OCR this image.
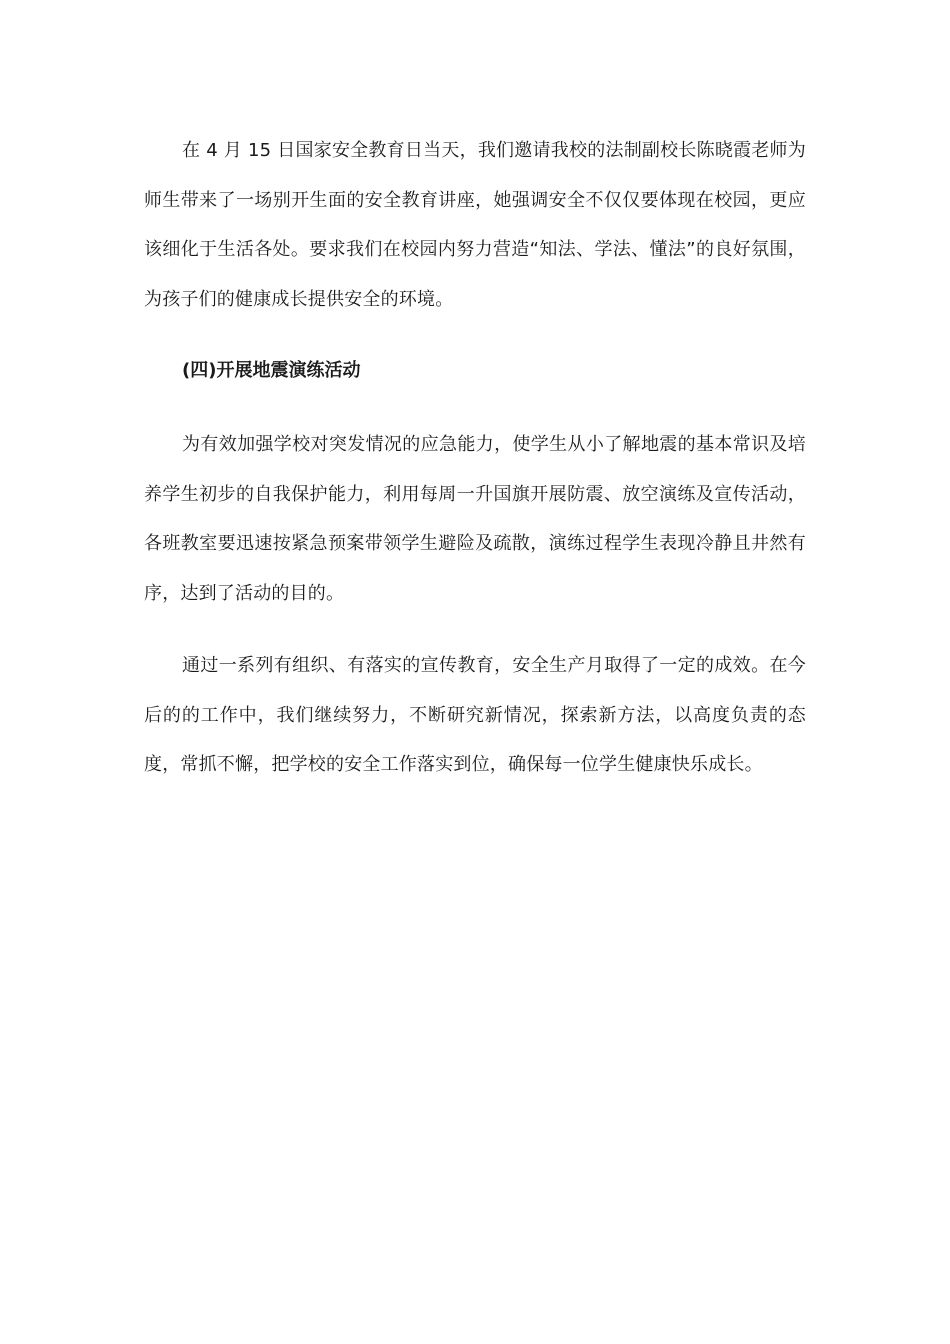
在 4 月 15 日国家安全教育日当天，我们邀请我校的法制副校长陈晓霞老师为师生带来了一场别开生面的安全教育讲座，她强调安全不仅仅要体现在校园，更应该细化于生活各处。要求我们在校园内努力营造“知法、学法、懂法”的良好氛围，为孩子们的健康成长提供安全的环境。

(四)开展地震演练活动

为有效加强学校对突发情况的应急能力，使学生从小了解地震的基本常识及培养学生初步的自我保护能力，利用每周一升国旗开展防震、放空演练及宣传活动，各班教室要迅速按紧急预案带领学生避险及疏散，演练过程学生表现冷静且井然有序，达到了活动的目的。

通过一系列有组织、有落实的宣传教育，安全生产月取得了一定的成效。在今后的的工作中，我们继续努力，不断研究新情况，探索新方法，以高度负责的态度，常抓不懈，把学校的安全工作落实到位，确保每一位学生健康快乐成长。
